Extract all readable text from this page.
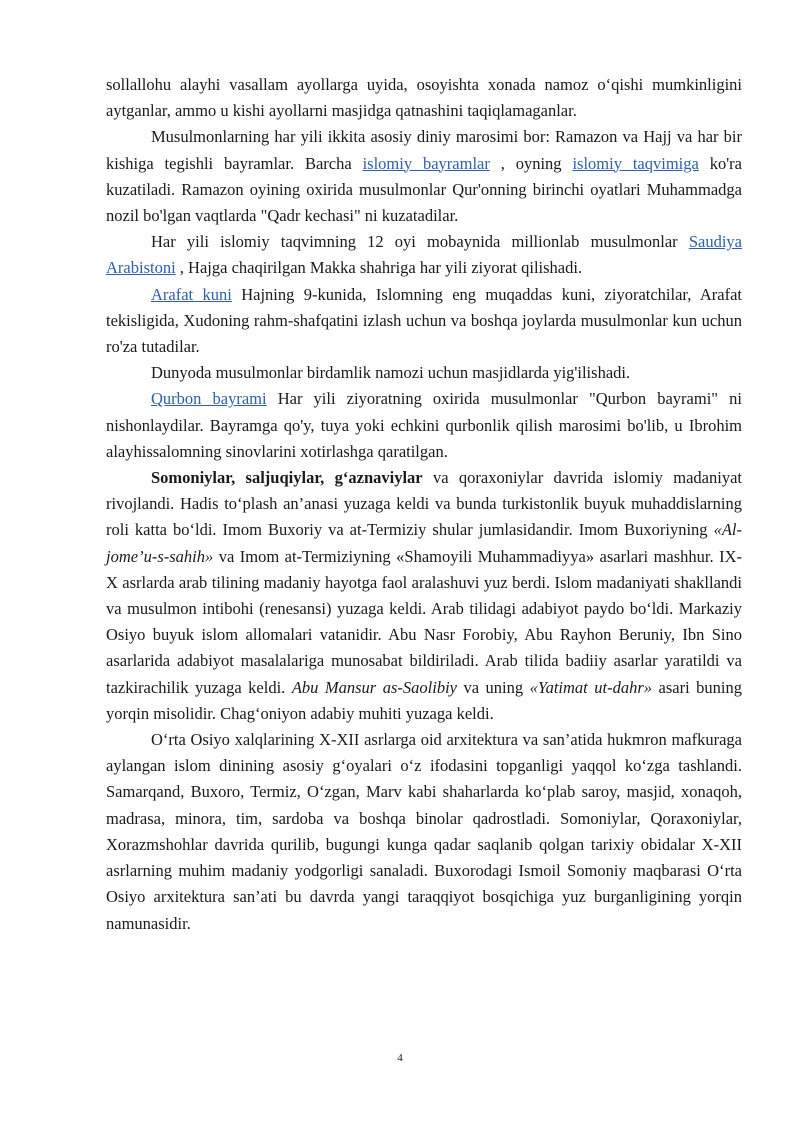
sollallohu alayhi vasallam ayollarga uyida, osoyishta xonada namoz o‘qishi mumkinligini aytganlar, ammo u kishi ayollarni masjidga qatnashini taqiqlamaganlar.

Musulmonlarning har yili ikkita asosiy diniy marosimi bor: Ramazon va Hajj va har bir kishiga tegishli bayramlar. Barcha islomiy bayramlar , oyning islomiy taqvimiga ko'ra kuzatiladi. Ramazon oyining oxirida musulmonlar Qur'onning birinchi oyatlari Muhammadga nozil bo'lgan vaqtlarda "Qadr kechasi" ni kuzatadilar.

Har yili islomiy taqvimning 12 oyi mobaynida millionlab musulmonlar Saudiya Arabistoni , Hajga chaqirilgan Makka shahriga har yili ziyorat qilishadi.

Arafat kuni Hajning 9-kunida, Islomning eng muqaddas kuni, ziyoratchilar, Arafat tekisligida, Xudoning rahm-shafqatini izlash uchun va boshqa joylarda musulmonlar kun uchun ro'za tutadilar.

Dunyoda musulmonlar birdamlik namozi uchun masjidlarda yig'ilishadi.

Qurbon bayrami Har yili ziyoratning oxirida musulmonlar "Qurbon bayrami" ni nishonlaydilar. Bayramga qo'y, tuya yoki echkini qurbonlik qilish marosimi bo'lib, u Ibrohim alayhissalomning sinovlarini xotirlashga qaratilgan.

Somoniylar, saljuqiylar, g‘aznaviylar va qoraxoniylar davrida islomiy madaniyat rivojlandi. Hadis to‘plash an’anasi yuzaga keldi va bunda turkistonlik buyuk muhaddislarning roli katta bo‘ldi. Imom Buxoriy va at-Termiziy shular jumlasidandir. Imom Buxoriyning «Al-jome’u-s-sahih» va Imom at-Termiziyning «Shamoyili Muhammadiyya» asarlari mashhur. IX-X asrlarda arab tilining madaniy hayotga faol aralashuvi yuz berdi. Islom madaniyati shakllandi va musulmon intibohi (renesansi) yuzaga keldi. Arab tilidagi adabiyot paydo bo‘ldi. Markaziy Osiyo buyuk islom allomalari vatanidir. Abu Nasr Forobiy, Abu Rayhon Beruniy, Ibn Sino asarlarida adabiyot masalalariga munosabat bildiriladi. Arab tilida badiiy asarlar yaratildi va tazkirachilik yuzaga keldi. Abu Mansur as-Saolibiy va uning «Yatimat ut-dahr» asari buning yorqin misolidir. Chag‘oniyon adabiy muhiti yuzaga keldi.

O‘rta Osiyo xalqlarining X-XII asrlarga oid arxitektura va san’atida hukmron mafkuraga aylangan islom dinining asosiy g‘oyalari o‘z ifodasini topganligi yaqqol ko‘zga tashlandi. Samarqand, Buxoro, Termiz, O‘zgan, Marv kabi shaharlarda ko‘plab saroy, masjid, xonaqoh, madrasa, minora, tim, sardoba va boshqa binolar qadrostladi. Somoniylar, Qoraxoniylar, Xorazmshohlar davrida qurilib, bugungi kunga qadar saqlanib qolgan tarixiy obidalar X-XII asrlarning muhim madaniy yodgorligi sanaladi. Buxorodagi Ismoil Somoniy maqbarasi O‘rta Osiyo arxitektura san’ati bu davrda yangi taraqqiyot bosqichiga yuz burganligining yorqin namunasidir.

4
